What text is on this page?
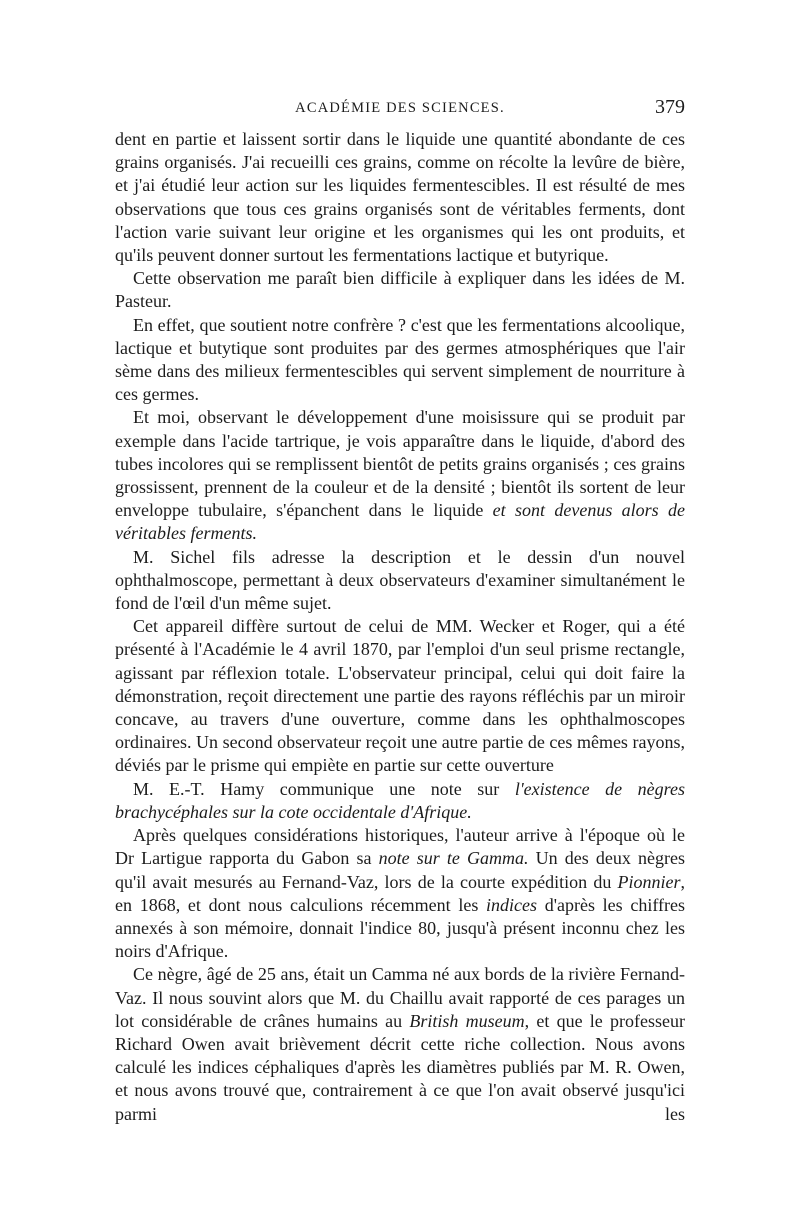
ACADÉMIE DES SCIENCES.	379

dent en partie et laissent sortir dans le liquide une quantité abondante de ces grains organisés. J'ai recueilli ces grains, comme on récolte la levûre de bière, et j'ai étudié leur action sur les liquides fermentescibles. Il est résulté de mes observations que tous ces grains organisés sont de véritables ferments, dont l'action varie suivant leur origine et les organismes qui les ont produits, et qu'ils peuvent donner surtout les fermentations lactique et butyrique.

Cette observation me paraît bien difficile à expliquer dans les idées de M. Pasteur.

En effet, que soutient notre confrère ? c'est que les fermentations alcoolique, lactique et butytique sont produites par des germes atmosphériques que l'air sème dans des milieux fermentescibles qui servent simplement de nourriture à ces germes.

Et moi, observant le développement d'une moisissure qui se produit par exemple dans l'acide tartrique, je vois apparaître dans le liquide, d'abord des tubes incolores qui se remplissent bientôt de petits grains organisés ; ces grains grossissent, prennent de la couleur et de la densité ; bientôt ils sortent de leur enveloppe tubulaire, s'épanchent dans le liquide et sont devenus alors de véritables ferments.

M. Sichel fils adresse la description et le dessin d'un nouvel ophthalmoscope, permettant à deux observateurs d'examiner simultanément le fond de l'œil d'un même sujet.

Cet appareil diffère surtout de celui de MM. Wecker et Roger, qui a été présenté à l'Académie le 4 avril 1870, par l'emploi d'un seul prisme rectangle, agissant par réflexion totale. L'observateur principal, celui qui doit faire la démonstration, reçoit directement une partie des rayons réfléchis par un miroir concave, au travers d'une ouverture, comme dans les ophthalmoscopes ordinaires. Un second observateur reçoit une autre partie de ces mêmes rayons, déviés par le prisme qui empiète en partie sur cette ouverture

M. E.-T. Hamy communique une note sur l'existence de nègres brachycéphales sur la cote occidentale d'Afrique.

Après quelques considérations historiques, l'auteur arrive à l'époque où le Dr Lartigue rapporta du Gabon sa note sur te Gamma. Un des deux nègres qu'il avait mesurés au Fernand-Vaz, lors de la courte expédition du Pionnier, en 1868, et dont nous calculions récemment les indices d'après les chiffres annexés à son mémoire, donnait l'indice 80, jusqu'à présent inconnu chez les noirs d'Afrique.

Ce nègre, âgé de 25 ans, était un Camma né aux bords de la rivière Fernand-Vaz. Il nous souvint alors que M. du Chaillu avait rapporté de ces parages un lot considérable de crânes humains au British museum, et que le professeur Richard Owen avait brièvement décrit cette riche collection. Nous avons calculé les indices céphaliques d'après les diamètres publiés par M. R. Owen, et nous avons trouvé que, contrairement à ce que l'on avait observé jusqu'ici parmi les
